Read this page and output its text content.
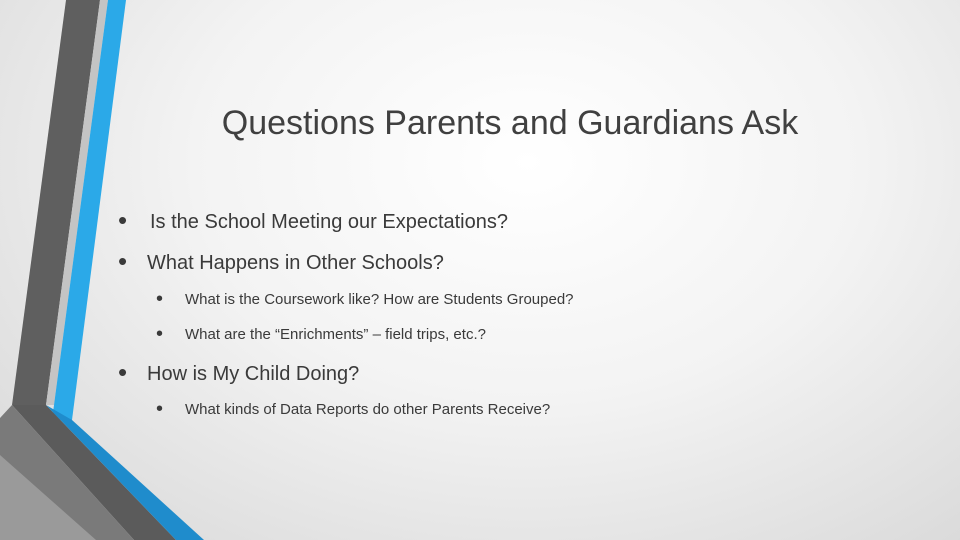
Questions Parents and Guardians Ask
• Is the School Meeting our Expectations?
• What Happens in Other Schools?
• What is the Coursework like? How are Students Grouped?
• What are the “Enrichments” – field trips, etc.?
• How is My Child Doing?
• What kinds of Data Reports do other Parents Receive?
